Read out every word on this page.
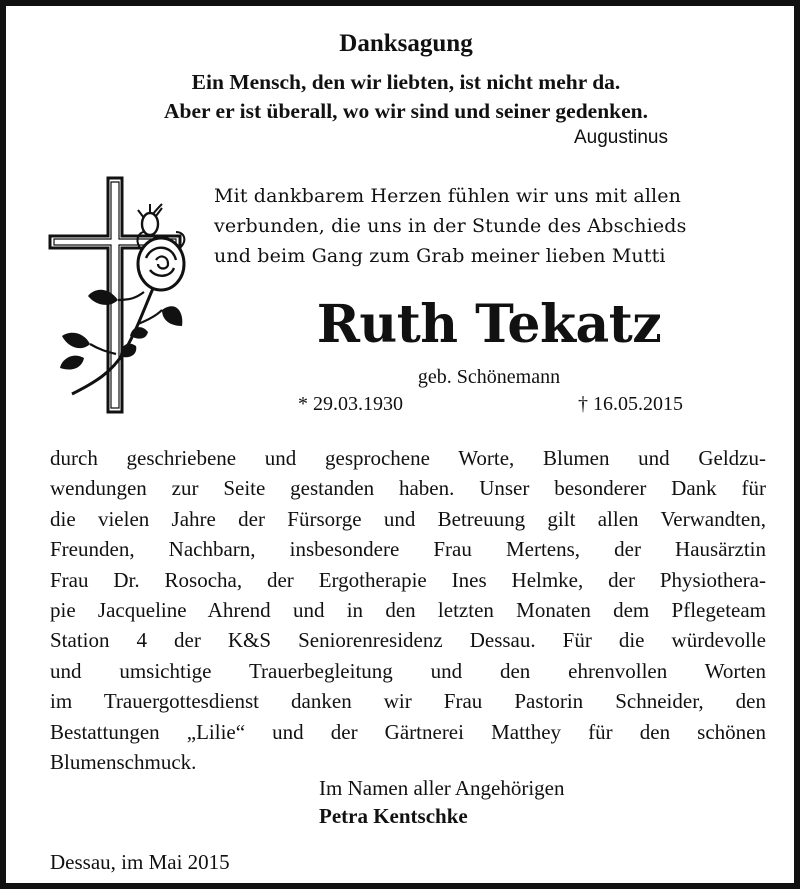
Danksagung
Ein Mensch, den wir liebten, ist nicht mehr da.
Aber er ist überall, wo wir sind und seiner gedenken.
Augustinus
Mit dankbarem Herzen fühlen wir uns mit allen
verbunden, die uns in der Stunde des Abschieds
und beim Gang zum Grab meiner lieben Mutti
Ruth Tekatz
geb. Schönemann
* 29.03.1930	† 16.05.2015
durch geschriebene und gesprochene Worte, Blumen und Geldzu-
wendungen zur Seite gestanden haben. Unser besonderer Dank für
die vielen Jahre der Fürsorge und Betreuung gilt allen Verwandten,
Freunden, Nachbarn, insbesondere Frau Mertens, der Hausärztin
Frau Dr. Rosocha, der Ergotherapie Ines Helmke, der Physiothera-
pie Jacqueline Ahrend und in den letzten Monaten dem Pflegeteam
Station 4 der K&S Seniorenresidenz Dessau. Für die würdevolle
und umsichtige Trauerbegleitung und den ehrenvollen Worten
im Trauergottesdienst danken wir Frau Pastorin Schneider, den
Bestattungen „Lilie“ und der Gärtnerei Matthey für den schönen
Blumenschmuck.
Im Namen aller Angehörigen
Petra Kentschke
Dessau, im Mai 2015
